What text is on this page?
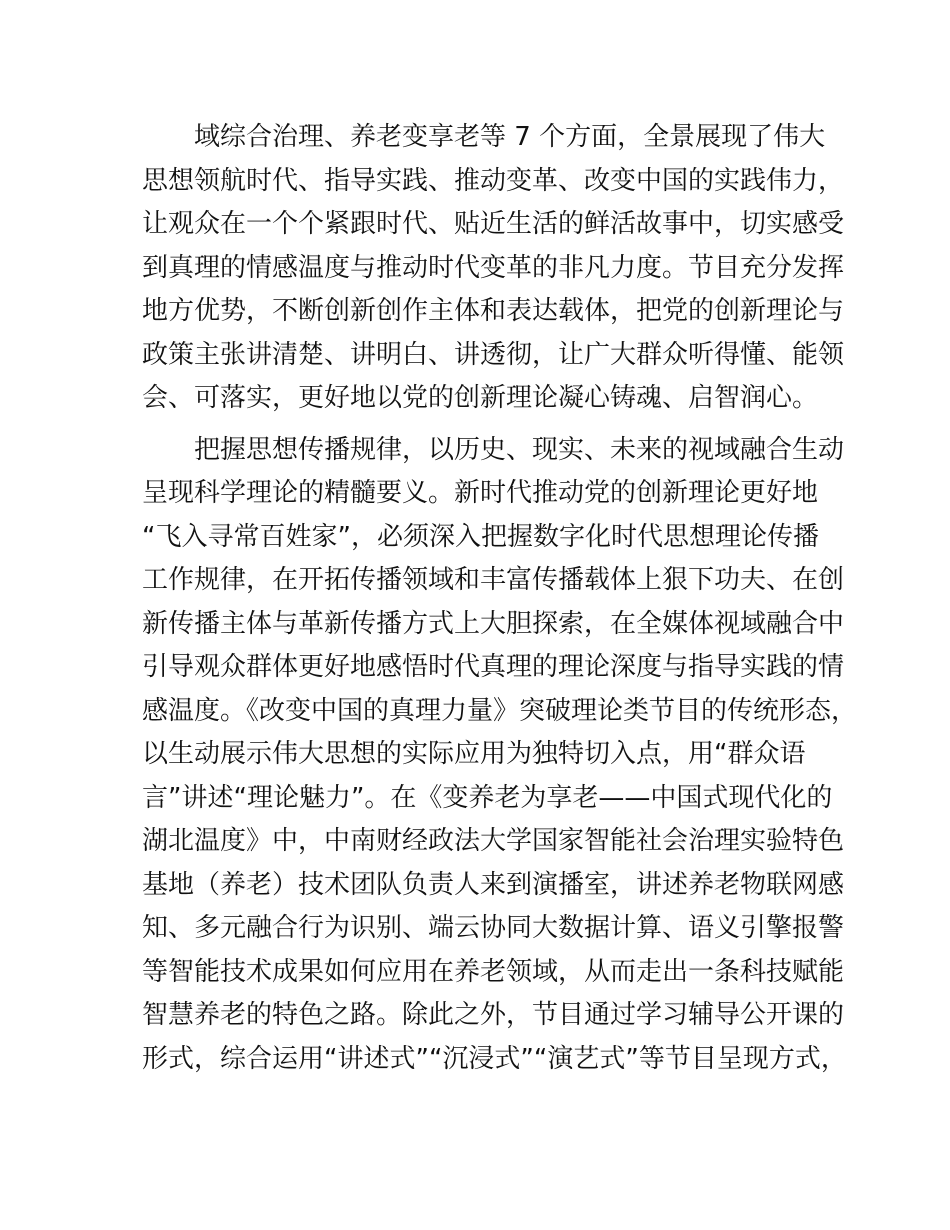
域综合治理、养老变享老等 7 个方面，全景展现了伟大
思想领航时代、指导实践、推动变革、改变中国的实践伟力，
让观众在一个个紧跟时代、贴近生活的鲜活故事中，切实感受
到真理的情感温度与推动时代变革的非凡力度。节目充分发挥
地方优势，不断创新创作主体和表达载体，把党的创新理论与
政策主张讲清楚、讲明白、讲透彻，让广大群众听得懂、能领
会、可落实，更好地以党的创新理论凝心铸魂、启智润心。

把握思想传播规律，以历史、现实、未来的视域融合生动
呈现科学理论的精髓要义。新时代推动党的创新理论更好地
“飞入寻常百姓家”，必须深入把握数字化时代思想理论传播
工作规律，在开拓传播领域和丰富传播载体上狠下功夫、在创
新传播主体与革新传播方式上大胆探索，在全媒体视域融合中
引导观众群体更好地感悟时代真理的理论深度与指导实践的情
感温度。《改变中国的真理力量》突破理论类节目的传统形态，
以生动展示伟大思想的实际应用为独特切入点，用“群众语
言”讲述“理论魅力”。在《变养老为享老——中国式现代化的
湖北温度》中，中南财经政法大学国家智能社会治理实验特色
基地（养老）技术团队负责人来到演播室，讲述养老物联网感
知、多元融合行为识别、端云协同大数据计算、语义引擎报警
等智能技术成果如何应用在养老领域，从而走出一条科技赋能
智慧养老的特色之路。除此之外，节目通过学习辅导公开课的
形式，综合运用“讲述式”“沉浸式”“演艺式”等节目呈现方式，
